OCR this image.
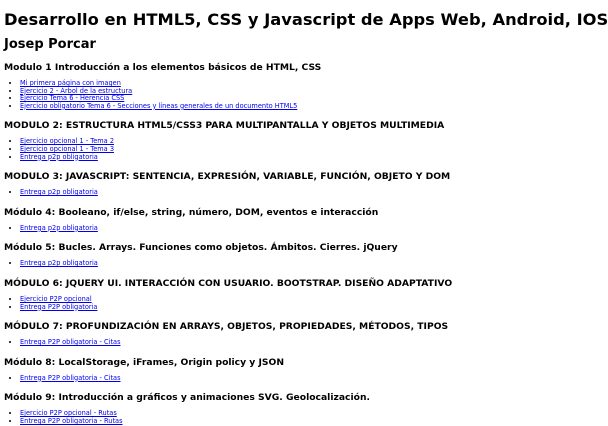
Desarrollo en HTML5, CSS y Javascript de Apps Web, Android, IOS
Josep Porcar
Modulo 1 Introducción a los elementos básicos de HTML, CSS
• Mi primera página con imagen
• Ejercicio 2 - Árbol de la estructura
• Ejercicio Tema 6 - Herencia CSS
• Ejercicio obligatorio Tema 6 - Secciones y líneas generales de un documento HTML5
MODULO 2: ESTRUCTURA HTML5/CSS3 PARA MULTIPANTALLA Y OBJETOS MULTIMEDIA
• Ejercicio opcional 1 - Tema 2
• Ejercicio opcional 1 - Tema 3
• Entrega p2p obligatoria
MODULO 3: JAVASCRIPT: SENTENCIA, EXPRESIÓN, VARIABLE, FUNCIÓN, OBJETO Y DOM
• Entrega p2p obligatoria
Módulo 4: Booleano, if/else, string, número, DOM, eventos e interacción
• Entrega p2p obligatoria
Módulo 5: Bucles. Arrays. Funciones como objetos. Ámbitos. Cierres. jQuery
• Entrega p2p obligatoria
MÓDULO 6: JQUERY UI. INTERACCIÓN CON USUARIO. BOOTSTRAP. DISEÑO ADAPTATIVO
• Ejercicio P2P opcional
• Entrega P2P obligatoria
MÓDULO 7: PROFUNDIZACIÓN EN ARRAYS, OBJETOS, PROPIEDADES, MÉTODOS, TIPOS
• Entrega P2P obligatoria - Citas
Módulo 8: LocalStorage, iFrames, Origin policy y JSON
• Entrega P2P obligatoria - Citas
Módulo 9: Introducción a gráficos y animaciones SVG. Geolocalización.
• Ejercicio P2P opcional - Rutas
• Entrega P2P obligatoria - Rutas
